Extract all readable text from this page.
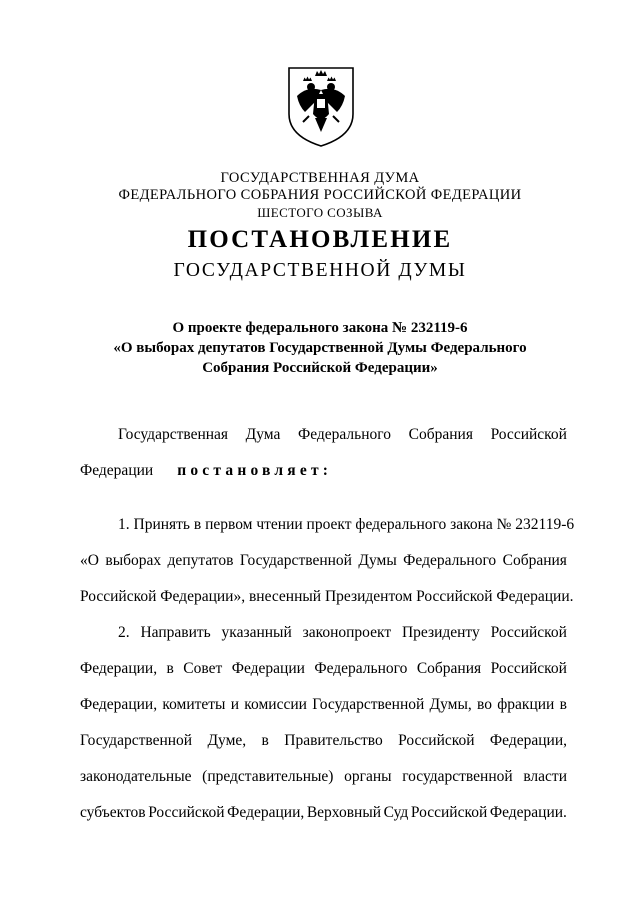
ГОСУДАРСТВЕННАЯ ДУМА
ФЕДЕРАЛЬНОГО СОБРАНИЯ РОССИЙСКОЙ ФЕДЕРАЦИИ
ШЕСТОГО СОЗЫВА
ПОСТАНОВЛЕНИЕ
ГОСУДАРСТВЕННОЙ ДУМЫ
О проекте федерального закона № 232119-6
«О выборах депутатов Государственной Думы Федерального
Собрания Российской Федерации»
Государственная Дума Федерального Собрания Российской
Федерации постановляет:
1. Принять в первом чтении проект федерального закона № 232119-6
«О выборах депутатов Государственной Думы Федерального Собрания
Российской Федерации», внесенный Президентом Российской Федерации.
2. Направить указанный законопроект Президенту Российской
Федерации, в Совет Федерации Федерального Собрания Российской
Федерации, комитеты и комиссии Государственной Думы, во фракции в
Государственной Думе, в Правительство Российской Федерации,
законодательные (представительные) органы государственной власти
субъектов Российской Федерации, Верховный Суд Российской Федерации.
